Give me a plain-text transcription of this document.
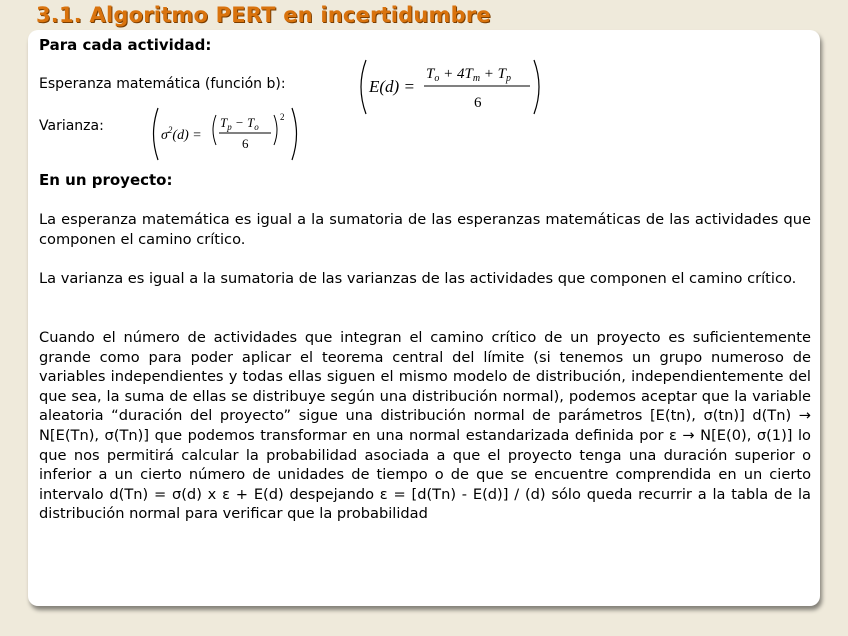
3.1. Algoritmo PERT en incertidumbre
Para cada actividad:
Esperanza matemática (función b):	E(d) =
$T_o + 4T_m + T_p$
6
Varianza:
$\sigma^2(d)$ =
$T_p - T_o$
6
2
En un proyecto:
La esperanza matemática es igual a la sumatoria de las esperanzas matemáticas de las actividades que componen el camino crítico.
La varianza es igual a la sumatoria de las varianzas de las actividades que componen el camino crítico.
Cuando el número de actividades que integran el camino crítico de un proyecto es suficientemente grande como para poder aplicar el teorema central del límite (si tenemos un grupo numeroso de variables independientes y todas ellas siguen el mismo modelo de distribución, independientemente del que sea, la suma de ellas se distribuye según una distribución normal), podemos aceptar que la variable aleatoria “duración del proyecto” sigue una distribución normal de parámetros [E(tn), σ(tn)] d(Tn) → N[E(Tn), σ(Tn)] que podemos transformar en una normal estandarizada definida por ε → N[E(0), σ(1)] lo que nos permitirá calcular la probabilidad asociada a que el proyecto tenga una duración superior o inferior a un cierto número de unidades de tiempo o de que se encuentre comprendida en un cierto intervalo d(Tn) = σ(d) x ε + E(d) despejando ε = [d(Tn) - E(d)] / (d) sólo queda recurrir a la tabla de la distribución normal para verificar que la probabilidad
